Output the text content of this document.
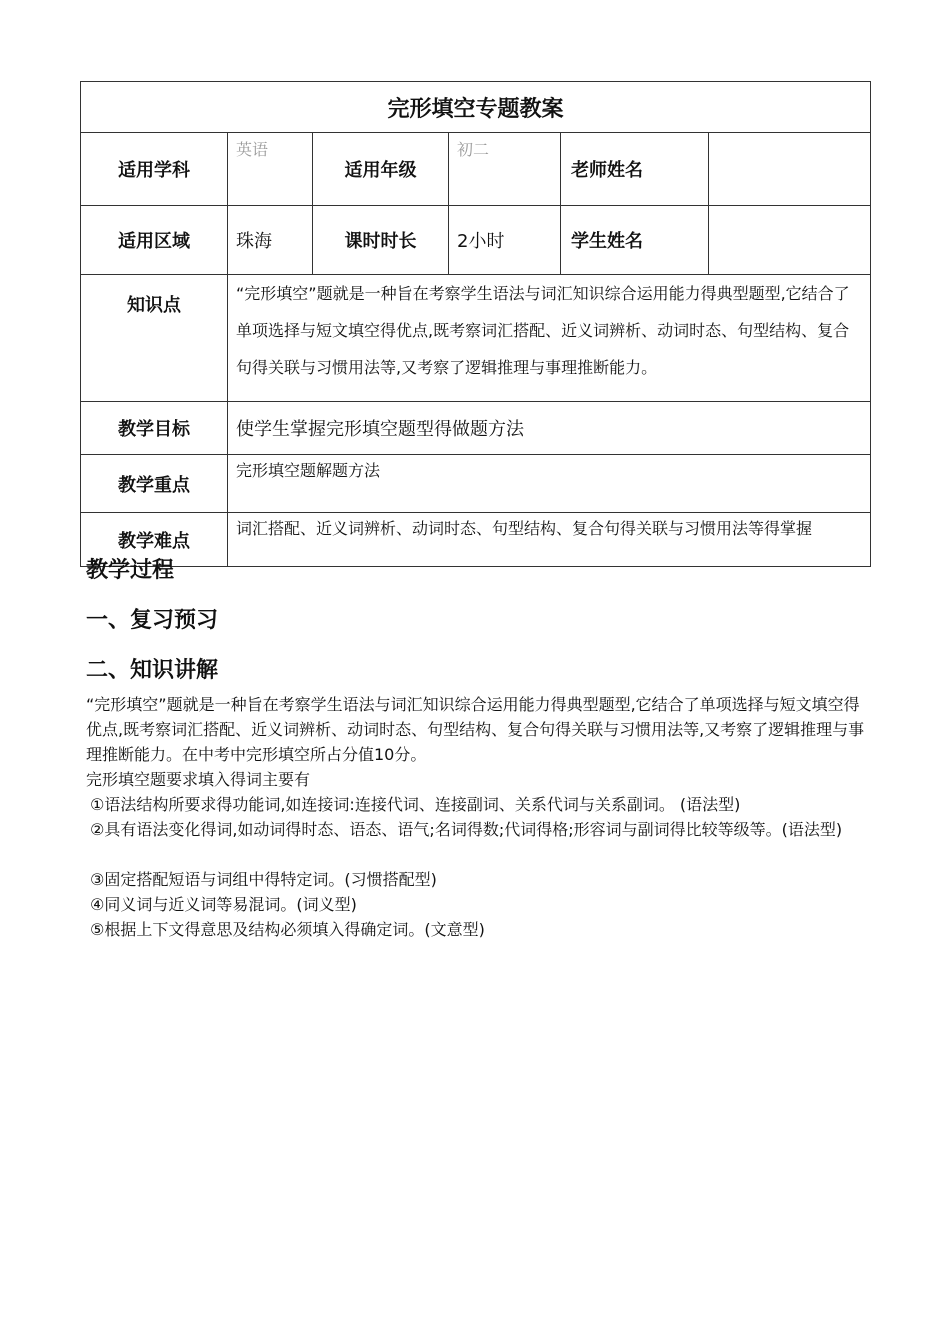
完形填空专题教案					
适用学科	英语	适用年级	初二	老师姓名	
适用区域	珠海	课时时长	2小时	学生姓名	
知识点	“完形填空”题就是一种旨在考察学生语法与词汇知识综合运用能力得典型题型,它结合了单项选择与短文填空得优点,既考察词汇搭配、近义词辨析、动词时态、句型结构、复合句得关联与习惯用法等,又考察了逻辑推理与事理推断能力。				
教学目标	使学生掌握完形填空题型得做题方法				
教学重点	完形填空题解题方法				
教学难点	词汇搭配、近义词辨析、动词时态、句型结构、复合句得关联与习惯用法等得掌握				
教学过程
一、复习预习
二、知识讲解
“完形填空”题就是一种旨在考察学生语法与词汇知识综合运用能力得典型题型,它结合了单项选择与短文填空得优点,既考察词汇搭配、近义词辨析、动词时态、句型结构、复合句得关联与习惯用法等,又考察了逻辑推理与事理推断能力。在中考中完形填空所占分值10分。
完形填空题要求填入得词主要有
①语法结构所要求得功能词,如连接词:连接代词、连接副词、关系代词与关系副词。 (语法型)
②具有语法变化得词,如动词得时态、语态、语气;名词得数;代词得格;形容词与副词得比较等级等。(语法型)
③固定搭配短语与词组中得特定词。(习惯搭配型)
④同义词与近义词等易混词。(词义型)
⑤根据上下文得意思及结构必须填入得确定词。(文意型)
